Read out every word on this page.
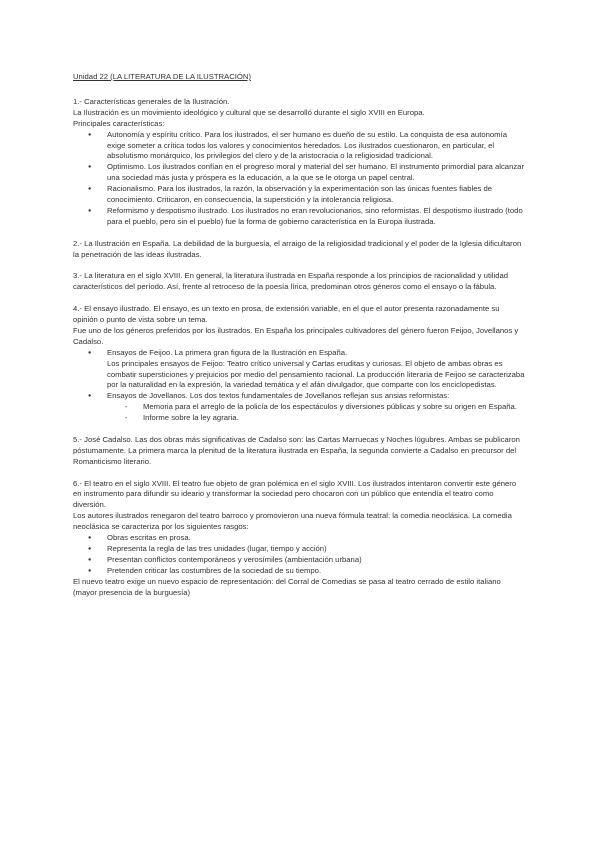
Unidad 22 (LA LITERATURA DE LA ILUSTRACIÓN)

1.- Características generales de la Ilustración.

La Ilustración es un movimiento ideológico y cultural que se desarrolló durante el siglo XVIII en Europa.

Principales características:

● Autonomía y espíritu crítico. Para los ilustrados, el ser humano es dueño de su estilo. La conquista de esa autonomía exige someter a crítica todos los valores y conocimientos heredados. Los ilustrados cuestionaron, en particular, el absolutismo monárquico, los privilegios del clero y de la aristocracia o la religiosidad tradicional.
● Optimismo. Los ilustrados confían en el progreso moral y material del ser humano. El instrumento primordial para alcanzar una sociedad más justa y próspera es la educación, a la que se le otorga un papel central.
● Racionalismo. Para los ilustrados, la razón, la observación y la experimentación son las únicas fuentes fiables de conocimiento. Criticaron, en consecuencia, la superstición y la intolerancia religiosa.
● Reformismo y despotismo ilustrado. Los ilustrados no eran revolucionarios, sino reformistas. El despotismo ilustrado (todo para el pueblo, pero sin el pueblo) fue la forma de gobierno característica en la Europa ilustrada.

2.- La Ilustración en España. La debilidad de la burguesía, el arraigo de la religiosidad tradicional y el poder de la Iglesia dificultaron la penetración de las ideas ilustradas.

3.- La literatura en el siglo XVIII. En general, la literatura ilustrada en España responde a los principios de racionalidad y utilidad característicos del período. Así, frente al retroceso de la poesía lírica, predominan otros géneros como el ensayo o la fábula.

4.- El ensayo ilustrado. El ensayo, es un texto en prosa, de extensión variable, en el que el autor presenta razonadamente su opinión o punto de vista sobre un tema.

Fue uno de los géneros preferidos por los ilustrados. En España los principales cultivadores del género fueron Feijoo, Jovellanos y Cadalso.

● Ensayos de Feijoo. La primera gran figura de la Ilustración en España.
Los principales ensayos de Feijoo: Teatro crítico universal y Cartas eruditas y curiosas. El objeto de ambas obras es combatir supersticiones y prejuicios por medio del pensamiento racional. La producción literaria de Feijoo se caracterizaba por la naturalidad en la expresión, la variedad temática y el afán divulgador, que comparte con los enciclopedistas.
● Ensayos de Jovellanos. Los dos textos fundamentales de Jovellanos reflejan sus ansias reformistas:
- Memoria para el arreglo de la policía de los espectáculos y diversiones públicas y sobre su origen en España.
- Informe sobre la ley agraria.

5.- José Cadalso. Las dos obras más significativas de Cadalso son: las Cartas Marruecas y Noches lúgubres. Ambas se publicaron póstumamente. La primera marca la plenitud de la literatura ilustrada en España, la segunda convierte a Cadalso en precursor del Romanticismo literario.

6.- El teatro en el siglo XVIII. El teatro fue objeto de gran polémica en el siglo XVIII. Los ilustrados intentaron convertir este género en instrumento para difundir su ideario y transformar la sociedad pero chocaron con un público que entendía el teatro como diversión.

Los autores ilustrados renegaron del teatro barroco y promovieron una nueva fórmula teatral: la comedia neoclásica. La comedia neoclásica se caracteriza por los siguientes rasgos:

● Obras escritas en prosa.
● Representa la regla de las tres unidades (lugar, tiempo y acción)
● Presentan conflictos contemporáneos y verosímiles (ambientación urbana)
● Pretenden criticar las costumbres de la sociedad de su tiempo.

El nuevo teatro exige un nuevo espacio de representación: del Corral de Comedias se pasa al teatro cerrado de estilo italiano (mayor presencia de la burguesía)
